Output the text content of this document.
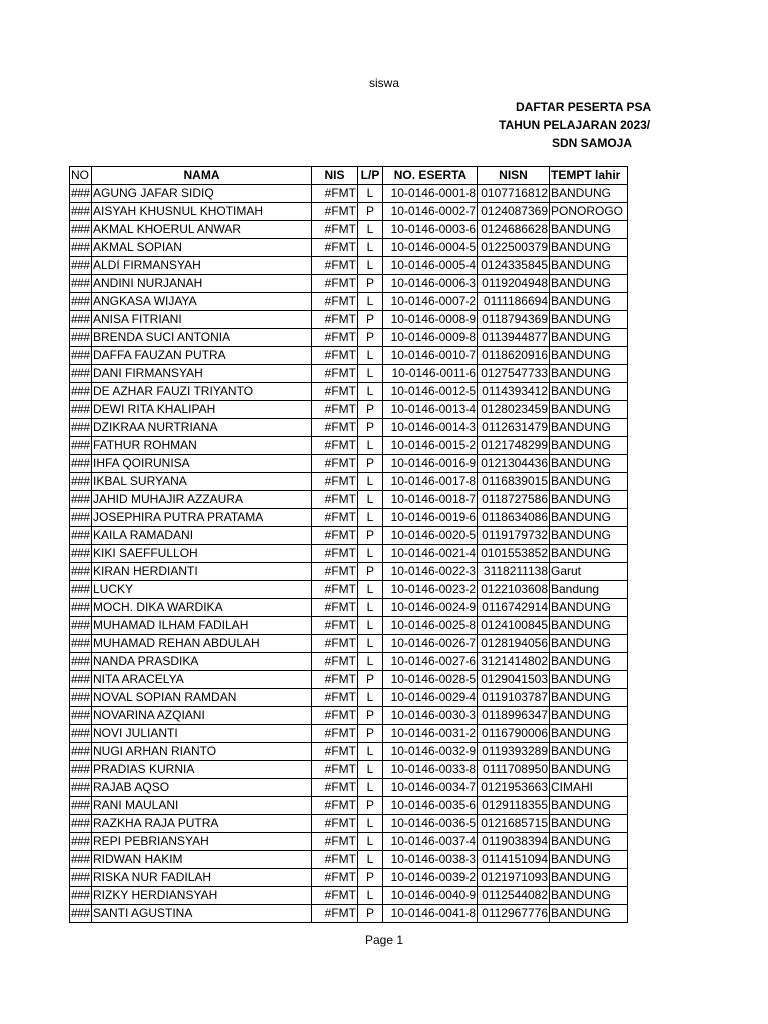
siswa
DAFTAR PESERTA PSA
TAHUN PELAJARAN 2023/
SDN SAMOJA
NO	NAMA	NIS	L/P	NO. ESERTA	NISN	TEMPT lahir
###	AGUNG JAFAR SIDIQ	#FMT	L	10-0146-0001-8	0107716812	BANDUNG
###	AISYAH KHUSNUL KHOTIMAH	#FMT	P	10-0146-0002-7	0124087369	PONOROGO
###	AKMAL KHOERUL ANWAR	#FMT	L	10-0146-0003-6	0124686628	BANDUNG
###	AKMAL SOPIAN	#FMT	L	10-0146-0004-5	0122500379	BANDUNG
###	ALDI FIRMANSYAH	#FMT	L	10-0146-0005-4	0124335845	BANDUNG
###	ANDINI NURJANAH	#FMT	P	10-0146-0006-3	0119204948	BANDUNG
###	ANGKASA WIJAYA	#FMT	L	10-0146-0007-2	0111186694	BANDUNG
###	ANISA FITRIANI	#FMT	P	10-0146-0008-9	0118794369	BANDUNG
###	BRENDA SUCI ANTONIA	#FMT	P	10-0146-0009-8	0113944877	BANDUNG
###	DAFFA FAUZAN PUTRA	#FMT	L	10-0146-0010-7	0118620916	BANDUNG
###	DANI FIRMANSYAH	#FMT	L	10-0146-0011-6	0127547733	BANDUNG
###	DE AZHAR FAUZI TRIYANTO	#FMT	L	10-0146-0012-5	0114393412	BANDUNG
###	DEWI RITA KHALIPAH	#FMT	P	10-0146-0013-4	0128023459	BANDUNG
###	DZIKRAA NURTRIANA	#FMT	P	10-0146-0014-3	0112631479	BANDUNG
###	FATHUR ROHMAN	#FMT	L	10-0146-0015-2	0121748299	BANDUNG
###	IHFA QOIRUNISA	#FMT	P	10-0146-0016-9	0121304436	BANDUNG
###	IKBAL SURYANA	#FMT	L	10-0146-0017-8	0116839015	BANDUNG
###	JAHID MUHAJIR AZZAURA	#FMT	L	10-0146-0018-7	0118727586	BANDUNG
###	JOSEPHIRA PUTRA PRATAMA	#FMT	L	10-0146-0019-6	0118634086	BANDUNG
###	KAILA RAMADANI	#FMT	P	10-0146-0020-5	0119179732	BANDUNG
###	KIKI SAEFFULLOH	#FMT	L	10-0146-0021-4	0101553852	BANDUNG
###	KIRAN HERDIANTI	#FMT	P	10-0146-0022-3	3118211138	Garut
###	LUCKY	#FMT	L	10-0146-0023-2	0122103608	Bandung
###	MOCH. DIKA WARDIKA	#FMT	L	10-0146-0024-9	0116742914	BANDUNG
###	MUHAMAD ILHAM FADILAH	#FMT	L	10-0146-0025-8	0124100845	BANDUNG
###	MUHAMAD REHAN ABDULAH	#FMT	L	10-0146-0026-7	0128194056	BANDUNG
###	NANDA PRASDIKA	#FMT	L	10-0146-0027-6	3121414802	BANDUNG
###	NITA ARACELYA	#FMT	P	10-0146-0028-5	0129041503	BANDUNG
###	NOVAL SOPIAN RAMDAN	#FMT	L	10-0146-0029-4	0119103787	BANDUNG
###	NOVARINA AZQIANI	#FMT	P	10-0146-0030-3	0118996347	BANDUNG
###	NOVI JULIANTI	#FMT	P	10-0146-0031-2	0116790006	BANDUNG
###	NUGI ARHAN RIANTO	#FMT	L	10-0146-0032-9	0119393289	BANDUNG
###	PRADIAS KURNIA	#FMT	L	10-0146-0033-8	0111708950	BANDUNG
###	RAJAB AQSO	#FMT	L	10-0146-0034-7	0121953663	CIMAHI
###	RANI MAULANI	#FMT	P	10-0146-0035-6	0129118355	BANDUNG
###	RAZKHA RAJA PUTRA	#FMT	L	10-0146-0036-5	0121685715	BANDUNG
###	REPI PEBRIANSYAH	#FMT	L	10-0146-0037-4	0119038394	BANDUNG
###	RIDWAN HAKIM	#FMT	L	10-0146-0038-3	0114151094	BANDUNG
###	RISKA NUR FADILAH	#FMT	P	10-0146-0039-2	0121971093	BANDUNG
###	RIZKY HERDIANSYAH	#FMT	L	10-0146-0040-9	0112544082	BANDUNG
###	SANTI AGUSTINA	#FMT	P	10-0146-0041-8	0112967776	BANDUNG
Page 1
